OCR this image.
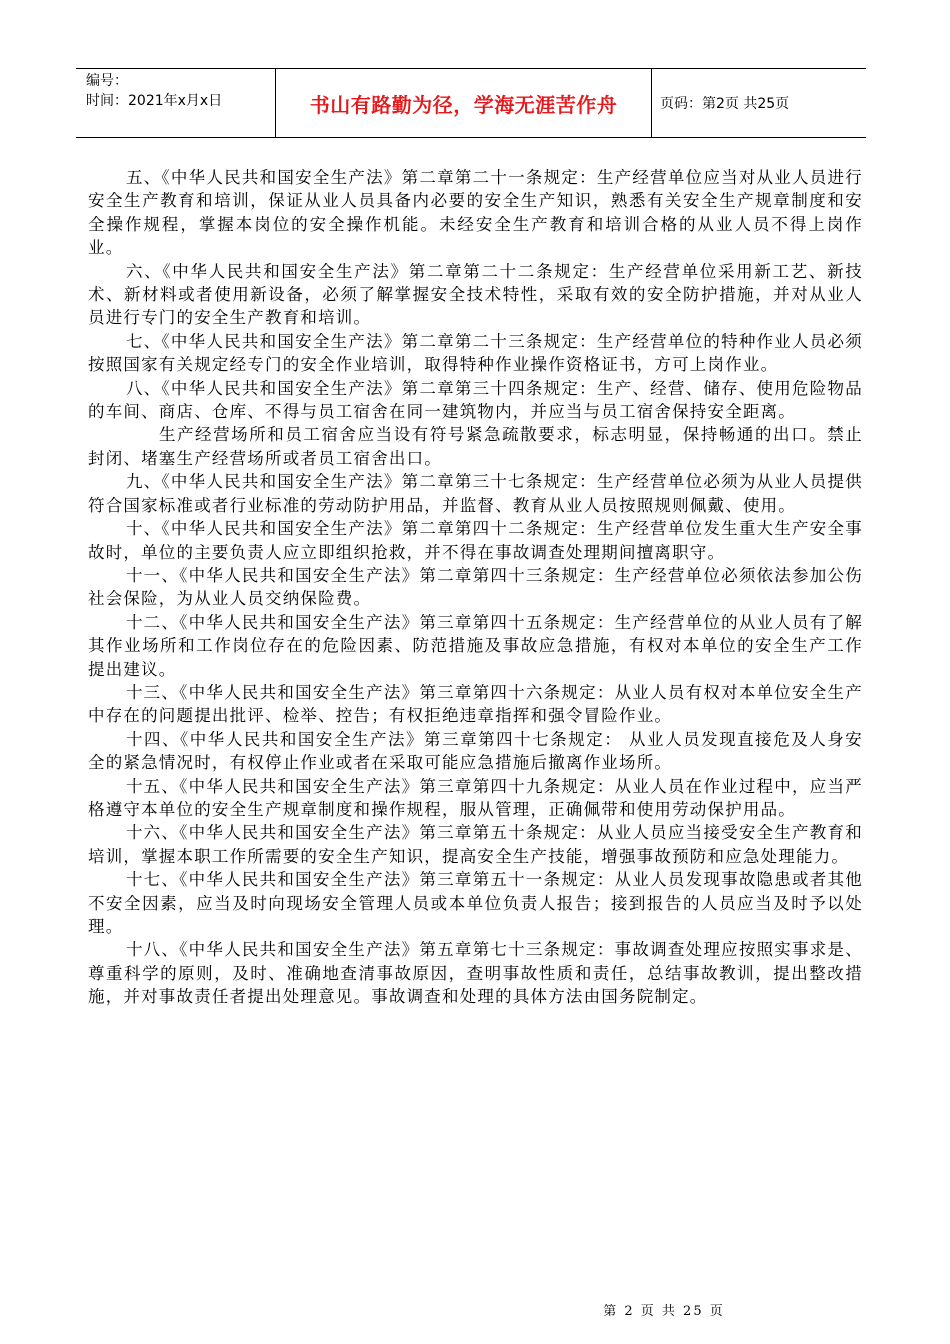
编号：
时间：2021年x月x日	书山有路勤为径，学海无涯苦作舟	页码：第2页 共25页

五、《中华人民共和国安全生产法》第二章第二十一条规定：生产经营单位应当对从业人员进行安全生产教育和培训，保证从业人员具备内必要的安全生产知识，熟悉有关安全生产规章制度和安全操作规程，掌握本岗位的安全操作机能。未经安全生产教育和培训合格的从业人员不得上岗作业。

六、《中华人民共和国安全生产法》第二章第二十二条规定：生产经营单位采用新工艺、新技术、新材料或者使用新设备，必须了解掌握安全技术特性，采取有效的安全防护措施，并对从业人员进行专门的安全生产教育和培训。

七、《中华人民共和国安全生产法》第二章第二十三条规定：生产经营单位的特种作业人员必须按照国家有关规定经专门的安全作业培训，取得特种作业操作资格证书，方可上岗作业。

八、《中华人民共和国安全生产法》第二章第三十四条规定：生产、经营、储存、使用危险物品的车间、商店、仓库、不得与员工宿舍在同一建筑物内，并应当与员工宿舍保持安全距离。

生产经营场所和员工宿舍应当设有符号紧急疏散要求，标志明显，保持畅通的出口。禁止封闭、堵塞生产经营场所或者员工宿舍出口。

九、《中华人民共和国安全生产法》第二章第三十七条规定：生产经营单位必须为从业人员提供符合国家标准或者行业标准的劳动防护用品，并监督、教育从业人员按照规则佩戴、使用。

十、《中华人民共和国安全生产法》第二章第四十二条规定：生产经营单位发生重大生产安全事故时，单位的主要负责人应立即组织抢救，并不得在事故调查处理期间擅离职守。

十一、《中华人民共和国安全生产法》第二章第四十三条规定：生产经营单位必须依法参加公伤社会保险，为从业人员交纳保险费。

十二、《中华人民共和国安全生产法》第三章第四十五条规定：生产经营单位的从业人员有了解其作业场所和工作岗位存在的危险因素、防范措施及事故应急措施，有权对本单位的安全生产工作提出建议。

十三、《中华人民共和国安全生产法》第三章第四十六条规定：从业人员有权对本单位安全生产中存在的问题提出批评、检举、控告；有权拒绝违章指挥和强令冒险作业。

十四、《中华人民共和国安全生产法》第三章第四十七条规定： 从业人员发现直接危及人身安全的紧急情况时，有权停止作业或者在采取可能应急措施后撤离作业场所。

十五、《中华人民共和国安全生产法》第三章第四十九条规定：从业人员在作业过程中，应当严格遵守本单位的安全生产规章制度和操作规程，服从管理，正确佩带和使用劳动保护用品。

十六、《中华人民共和国安全生产法》第三章第五十条规定：从业人员应当接受安全生产教育和培训，掌握本职工作所需要的安全生产知识，提高安全生产技能，增强事故预防和应急处理能力。

十七、《中华人民共和国安全生产法》第三章第五十一条规定：从业人员发现事故隐患或者其他不安全因素，应当及时向现场安全管理人员或本单位负责人报告；接到报告的人员应当及时予以处理。

十八、《中华人民共和国安全生产法》第五章第七十三条规定：事故调查处理应按照实事求是、尊重科学的原则，及时、准确地查清事故原因，查明事故性质和责任，总结事故教训，提出整改措施，并对事故责任者提出处理意见。事故调查和处理的具体方法由国务院制定。

第 2 页 共 25 页
